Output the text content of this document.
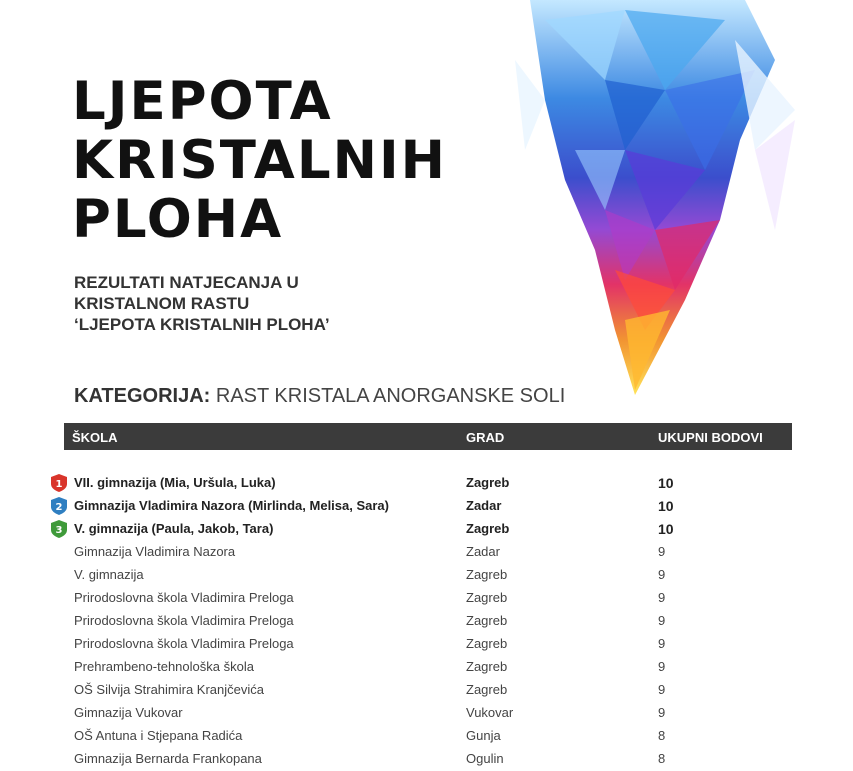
LJEPOTA
KRISTALNIH
PLOHA
REZULTATI NATJECANJA U
KRISTALNOM RASTU
‘LJEPOTA KRISTALNIH PLOHA’
KATEGORIJA: RAST KRISTALA ANORGANSKE SOLI
ŠKOLA	GRAD	UKUPNI BODOVI
1 VII. gimnazija (Mia, Uršula, Luka)	Zagreb	10
2 Gimnazija Vladimira Nazora (Mirlinda, Melisa, Sara)	Zadar	10
3 V. gimnazija (Paula, Jakob, Tara)	Zagreb	10
Gimnazija Vladimira Nazora	Zadar	9
V. gimnazija	Zagreb	9
Prirodoslovna škola Vladimira Preloga	Zagreb	9
Prirodoslovna škola Vladimira Preloga	Zagreb	9
Prirodoslovna škola Vladimira Preloga	Zagreb	9
Prehrambeno-tehnološka škola	Zagreb	9
OŠ Silvija Strahimira Kranjčevića	Zagreb	9
Gimnazija Vukovar	Vukovar	9
OŠ Antuna i Stjepana Radića	Gunja	8
Gimnazija Bernarda Frankopana	Ogulin	8
